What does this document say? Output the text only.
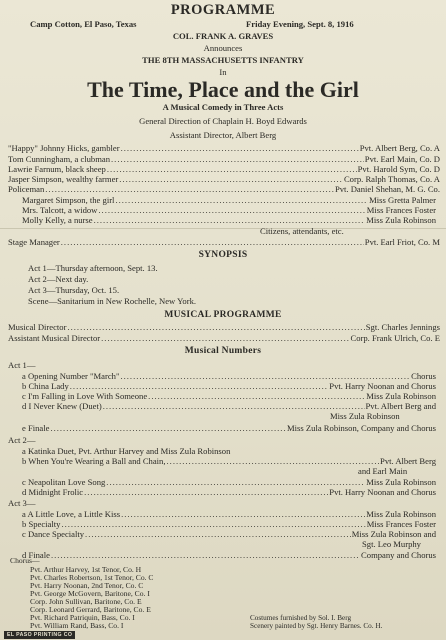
PROGRAMME
Camp Cotton, El Paso, Texas	Friday Evening, Sept. 8, 1916
COL. FRANK A. GRAVES
Announces
THE 8TH MASSACHUSETTS INFANTRY
In
The Time, Place and the Girl
A Musical Comedy in Three Acts
General Direction of Chaplain H. Boyd Edwards
Assistant Director, Albert Berg
"Happy" Johnny Hicks, gambler .....	Pvt. Albert Berg, Co. A
Tom Cunningham, a clubman .....	Pvt. Earl Main, Co. D
Lawrie Farnum, black sheep .....	Pvt. Harold Sym, Co. D
Jasper Simpson, wealthy farmer .....	Corp. Ralph Thomas, Co. A
Policeman .....	Pvt. Daniel Shehan, M. G. Co.
Margaret Simpson, the girl .....	Miss Gretta Palmer
Mrs. Talcott, a widow .....	Miss Frances Foster
Molly Kelly, a nurse .....	Miss Zula Robinson
Citizens, attendants, etc.
Stage Manager .....	Pvt. Earl Friot, Co. M
SYNOPSIS
Act 1—Thursday afternoon, Sept. 13.
Act 2—Next day.
Act 3—Thursday, Oct. 15.
Scene—Sanitarium in New Rochelle, New York.
MUSICAL PROGRAMME
Musical Director .....	Sgt. Charles Jennings
Assistant Musical Director .....	Corp. Frank Ulrich, Co. E
Musical Numbers
Act 1—
a Opening Number "March" .....	Chorus
b China Lady .....	Pvt. Harry Noonan and Chorus
c I'm Falling in Love With Someone .....	Miss Zula Robinson
d I Never Knew (Duet) .....	Pvt. Albert Berg and
Miss Zula Robinson
e Finale .....	Miss Zula Robinson, Company and Chorus
Act 2—
a Katinka Duet, Pvt. Arthur Harvey and Miss Zula Robinson
b When You're Wearing a Ball and Chain, .....	Pvt. Albert Berg
and Earl Main
c Neapolitan Love Song .....	Miss Zula Robinson
d Midnight Frolic .....	Pvt. Harry Noonan and Chorus
Act 3—
a A Little Love, a Little Kiss .....	Miss Zula Robinson
b Specialty .....	Miss Frances Foster
c Dance Specialty .....	Miss Zula Robinson and
Sgt. Leo Murphy
d Finale .....	Company and Chorus
Chorus—
Pvt. Arthur Harvey, 1st Tenor, Co. H
Pvt. Charles Robertson, 1st Tenor, Co. C
Pvt. Harry Noonan, 2nd Tenor, Co. C
Pvt. George McGovern, Baritone, Co. I
Corp. John Sullivan, Baritone, Co. E
Corp. Leonard Gerrard, Baritone, Co. E
Pvt. Richard Patriquin, Bass, Co. I
Pvt. William Rand, Bass, Co. I
Costumes furnished by Sol. I. Berg
Scenery painted by Sgt. Henry Barnes. Co. H.
EL PASO PRINTING CO
